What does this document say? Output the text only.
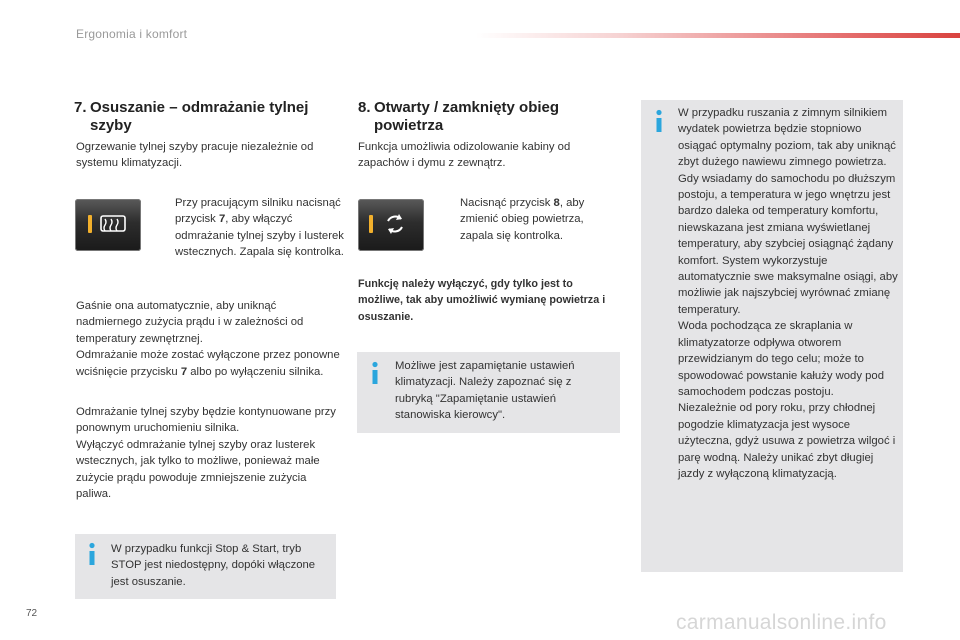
Ergonomia i komfort
7. Osuszanie – odmrażanie tylnej szyby
8. Otwarty / zamknięty obieg powietrza
Ogrzewanie tylnej szyby pracuje niezależnie od systemu klimatyzacji.
Przy pracującym silniku nacisnąć przycisk 7, aby włączyć odmrażanie tylnej szyby i lusterek wstecznych. Zapala się kontrolka.
Gaśnie ona automatycznie, aby uniknąć nadmiernego zużycia prądu i w zależności od temperatury zewnętrznej.
Odmrażanie może zostać wyłączone przez ponowne wciśnięcie przycisku 7 albo po wyłączeniu silnika.
Odmrażanie tylnej szyby będzie kontynuowane przy ponownym uruchomieniu silnika.
Wyłączyć odmrażanie tylnej szyby oraz lusterek wstecznych, jak tylko to możliwe, ponieważ małe zużycie prądu powoduje zmniejszenie zużycia paliwa.
W przypadku funkcji Stop & Start, tryb STOP jest niedostępny, dopóki włączone jest osuszanie.
Funkcja umożliwia odizolowanie kabiny od zapachów i dymu z zewnątrz.
Nacisnąć przycisk 8, aby zmienić obieg powietrza, zapala się kontrolka.
Funkcję należy wyłączyć, gdy tylko jest to możliwe, tak aby umożliwić wymianę powietrza i osuszanie.
Możliwe jest zapamiętanie ustawień klimatyzacji. Należy zapoznać się z rubryką "Zapamiętanie ustawień stanowiska kierowcy".
W przypadku ruszania z zimnym silnikiem wydatek powietrza będzie stopniowo osiągać optymalny poziom, tak aby uniknąć zbyt dużego nawiewu zimnego powietrza.
Gdy wsiadamy do samochodu po dłuższym postoju, a temperatura w jego wnętrzu jest bardzo daleka od temperatury komfortu, niewskazana jest zmiana wyświetlanej temperatury, aby szybciej osiągnąć żądany komfort. System wykorzystuje automatycznie swe maksymalne osiągi, aby możliwie jak najszybciej wyrównać zmianę temperatury.
Woda pochodząca ze skraplania w klimatyzatorze odpływa otworem przewidzianym do tego celu; może to spowodować powstanie kałuży wody pod samochodem podczas postoju.
Niezależnie od pory roku, przy chłodnej pogodzie klimatyzacja jest wysoce użyteczna, gdyż usuwa z powietrza wilgoć i parę wodną. Należy unikać zbyt długiej jazdy z wyłączoną klimatyzacją.
72	carmanualsonline.info
